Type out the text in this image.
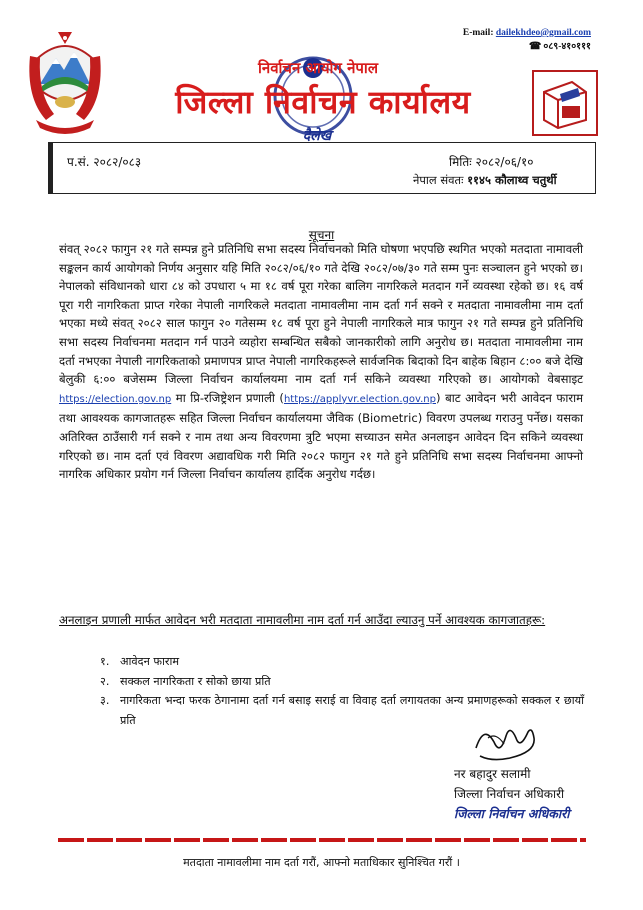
E-mail: dailekhdeo@gmail.com
☎ ०८९-४१०१११
निर्वाचन आयोग नेपाल
जिल्ला निर्वाचन कार्यालय
दैलेख
प.सं. २०८२/०८३	मितिः २०८२/०६/१०
नेपाल संवतः ११४५ कौलाथ्व चतुर्थी
सूचना

संवत् २०८२ फागुन २१ गते सम्पन्न हुने प्रतिनिधि सभा सदस्य निर्वाचनको मिति घोषणा भएपछि स्थगित भएको मतदाता नामावली सङ्कलन कार्य आयोगको निर्णय अनुसार यहि मिति २०८२/०६/१० गते देखि २०८२/०७/३० गते सम्म पुनः सञ्चालन हुने भएको छ। नेपालको संविधानको धारा ८४ को उपधारा ५ मा १८ वर्ष पूरा गरेका बालिग नागरिकले मतदान गर्ने व्यवस्था रहेको छ। १६ वर्ष पूरा गरी नागरिकता प्राप्त गरेका नेपाली नागरिकले मतदाता नामावलीमा नाम दर्ता गर्न सक्ने र मतदाता नामावलीमा नाम दर्ता भएका मध्ये संवत् २०८२ साल फागुन २० गतेसम्म १८ वर्ष पूरा हुने नेपाली नागरिकले मात्र फागुन २१ गते सम्पन्न हुने प्रतिनिधि सभा सदस्य निर्वाचनमा मतदान गर्न पाउने व्यहोरा सम्बन्धित सबैको जानकारीको लागि अनुरोध छ। मतदाता नामावलीमा नाम दर्ता नभएका नेपाली नागरिकताको प्रमाणपत्र प्राप्त नेपाली नागरिकहरूले सार्वजनिक बिदाको दिन बाहेक बिहान ८:०० बजे देखि बेलुकी ६:०० बजेसम्म जिल्ला निर्वाचन कार्यालयमा नाम दर्ता गर्न सकिने व्यवस्था गरिएको छ। आयोगको वेबसाइट https://election.gov.np मा प्रि-रजिष्ट्रेशन प्रणाली (https://applyvr.election.gov.np) बाट आवेदन भरी आवेदन फाराम तथा आवश्यक कागजातहरू सहित जिल्ला निर्वाचन कार्यालयमा जैविक (Biometric) विवरण उपलब्ध गराउनु पर्नेछ। यसका अतिरिक्त ठाउँसारी गर्न सक्ने र नाम तथा अन्य विवरणमा त्रुटि भएमा सच्याउन समेत अनलाइन आवेदन दिन सकिने व्यवस्था गरिएको छ। नाम दर्ता एवं विवरण अद्यावधिक गरी मिति २०८२ फागुन २१ गते हुने प्रतिनिधि सभा सदस्य निर्वाचनमा आफ्नो नागरिक अधिकार प्रयोग गर्न जिल्ला निर्वाचन कार्यालय हार्दिक अनुरोध गर्दछ।

अनलाइन प्रणाली मार्फत आवेदन भरी मतदाता नामावलीमा नाम दर्ता गर्न आउँदा ल्याउनु पर्ने आवश्यक कागजातहरू:

१. आवेदन फाराम
२. सक्कल नागरिकता र सोको छाया प्रति
३. नागरिकता भन्दा फरक ठेगानामा दर्ता गर्न बसाइ सराई वा विवाह दर्ता लगायतका अन्य प्रमाणहरूको सक्कल र छायाँ प्रति
नर बहादुर सलामी
जिल्ला निर्वाचन अधिकारी
जिल्ला निर्वाचन अधिकारी
मतदाता नामावलीमा नाम दर्ता गरौं, आफ्नो मताधिकार सुनिश्चित गरौं ।
